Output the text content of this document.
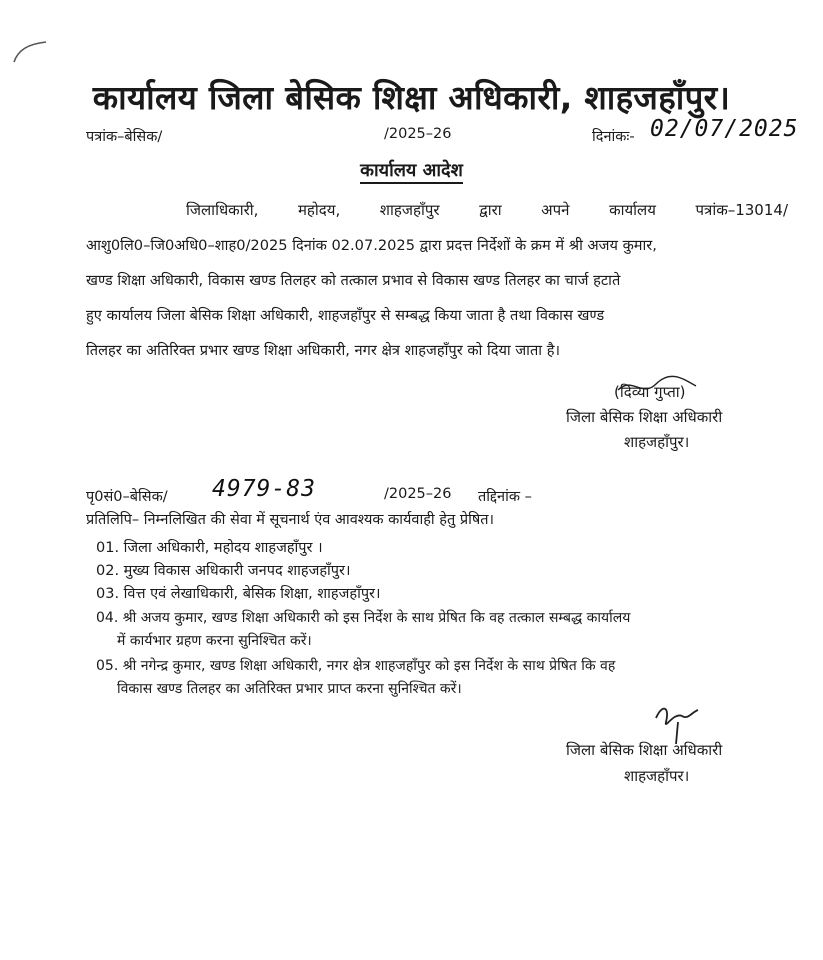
कार्यालय जिला बेसिक शिक्षा अधिकारी, शाहजहाँपुर।
पत्रांक–बेसिक/	/2025–26	दिनांकः- 02/07/2025
कार्यालय आदेश
जिलाधिकारी,	महोदय,	शाहजहाँपुर	द्वारा	अपने	कार्यालय	पत्रांक–13014/
आशु0लि0–जि0अधि0–शाह0/2025 दिनांक 02.07.2025 द्वारा प्रदत्त निर्देशों के क्रम में श्री अजय कुमार,
खण्ड शिक्षा अधिकारी, विकास खण्ड तिलहर को तत्काल प्रभाव से विकास खण्ड तिलहर का चार्ज हटाते
हुए कार्यालय जिला बेसिक शिक्षा अधिकारी, शाहजहाँपुर से सम्बद्ध किया जाता है तथा विकास खण्ड
तिलहर का अतिरिक्त प्रभार खण्ड शिक्षा अधिकारी, नगर क्षेत्र शाहजहाँपुर को दिया जाता है।
(दिव्या गुप्ता)
जिला बेसिक शिक्षा अधिकारी
शाहजहाँपुर।
पृ0सं0–बेसिक/ 4979-83	/2025–26 तद्दिनांक –
प्रतिलिपि– निम्नलिखित की सेवा में सूचनार्थ एंव आवश्यक कार्यवाही हेतु प्रेषित।
01. जिला अधिकारी, महोदय शाहजहाँपुर ।
02. मुख्य विकास अधिकारी जनपद शाहजहाँपुर।
03. वित्त एवं लेखाधिकारी, बेसिक शिक्षा, शाहजहाँपुर।
04. श्री अजय कुमार, खण्ड शिक्षा अधिकारी को इस निर्देश के साथ प्रेषित कि वह तत्काल सम्बद्ध कार्यालय
में कार्यभार ग्रहण करना सुनिश्चित करें।
05. श्री नगेन्द्र कुमार, खण्ड शिक्षा अधिकारी, नगर क्षेत्र शाहजहाँपुर को इस निर्देश के साथ प्रेषित कि वह
विकास खण्ड तिलहर का अतिरिक्त प्रभार प्राप्त करना सुनिश्चित करें।
जिला बेसिक शिक्षा अधिकारी
शाहजहाँपर।
